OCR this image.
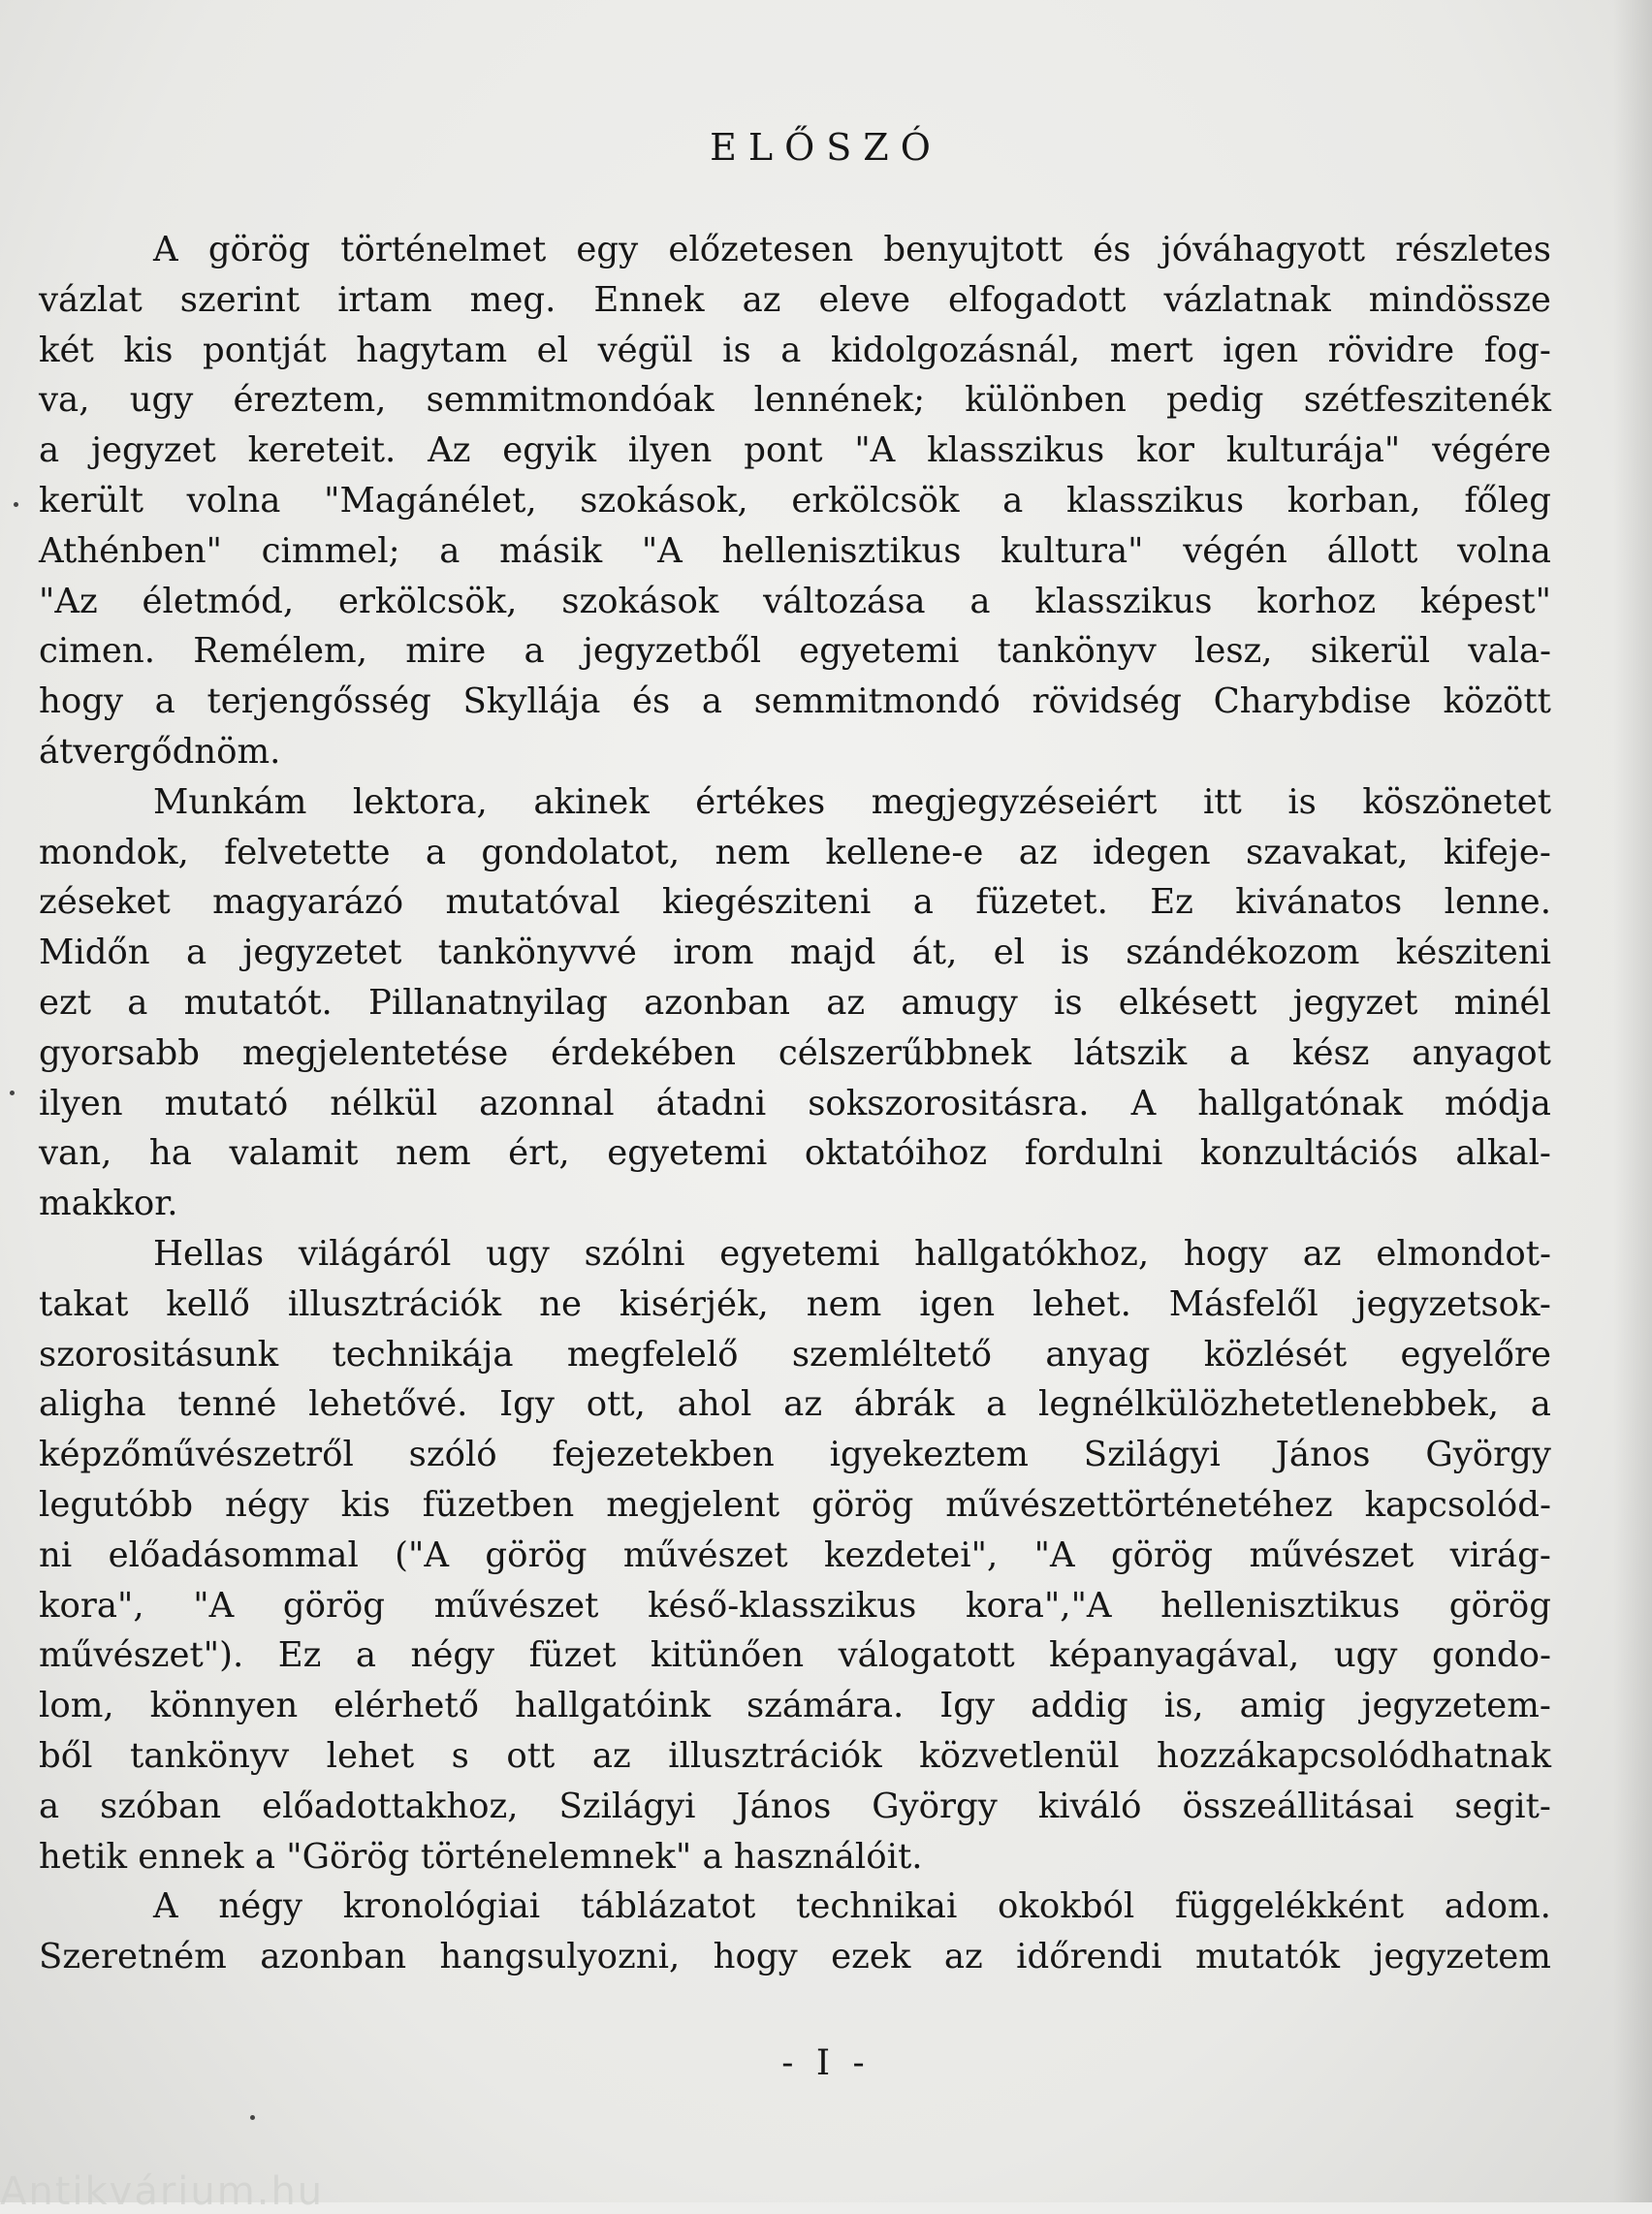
ELŐSZÓ
A görög történelmet egy előzetesen benyujtott és jóváhagyott részletes
vázlat szerint irtam meg. Ennek az eleve elfogadott vázlatnak mindössze
két kis pontját hagytam el végül is a kidolgozásnál, mert igen rövidre fog-
va, ugy éreztem, semmitmondóak lennének; különben pedig szétfeszitenék
a jegyzet kereteit. Az egyik ilyen pont "A klasszikus kor kulturája" végére
került volna "Magánélet, szokások, erkölcsök a klasszikus korban, főleg
Athénben" cimmel; a másik "A hellenisztikus kultura" végén állott volna
"Az életmód, erkölcsök, szokások változása a klasszikus korhoz képest"
cimen. Remélem, mire a jegyzetből egyetemi tankönyv lesz, sikerül vala-
hogy a terjengősség Skyllája és a semmitmondó rövidség Charybdise között
átvergődnöm.
Munkám lektora, akinek értékes megjegyzéseiért itt is köszönetet
mondok, felvetette a gondolatot, nem kellene-e az idegen szavakat, kifeje-
zéseket magyarázó mutatóval kiegésziteni a füzetet. Ez kivánatos lenne.
Midőn a jegyzetet tankönyvvé irom majd át, el is szándékozom késziteni
ezt a mutatót. Pillanatnyilag azonban az amugy is elkésett jegyzet minél
gyorsabb megjelentetése érdekében célszerűbbnek látszik a kész anyagot
ilyen mutató nélkül azonnal átadni sokszorositásra. A hallgatónak módja
van, ha valamit nem ért, egyetemi oktatóihoz fordulni konzultációs alkal-
makkor.
Hellas világáról ugy szólni egyetemi hallgatókhoz, hogy az elmondot-
takat kellő illusztrációk ne kisérjék, nem igen lehet. Másfelől jegyzetsok-
szorositásunk technikája megfelelő szemléltető anyag közlését egyelőre
aligha tenné lehetővé. Igy ott, ahol az ábrák a legnélkülözhetetlenebbek, a
képzőművészetről szóló fejezetekben igyekeztem Szilágyi János György
legutóbb négy kis füzetben megjelent görög művészettörténetéhez kapcsolód-
ni előadásommal ("A görög művészet kezdetei", "A görög művészet virág-
kora", "A görög művészet késő-klasszikus kora","A hellenisztikus görög
művészet"). Ez a négy füzet kitünően válogatott képanyagával, ugy gondo-
lom, könnyen elérhető hallgatóink számára. Igy addig is, amig jegyzetem-
ből tankönyv lehet s ott az illusztrációk közvetlenül hozzákapcsolódhatnak
a szóban előadottakhoz, Szilágyi János György kiváló összeállitásai segit-
hetik ennek a "Görög történelemnek" a használóit.
A négy kronológiai táblázatot technikai okokból függelékként adom.
Szeretném azonban hangsulyozni, hogy ezek az időrendi mutatók jegyzetem
- I -
Antikvárium.hu
